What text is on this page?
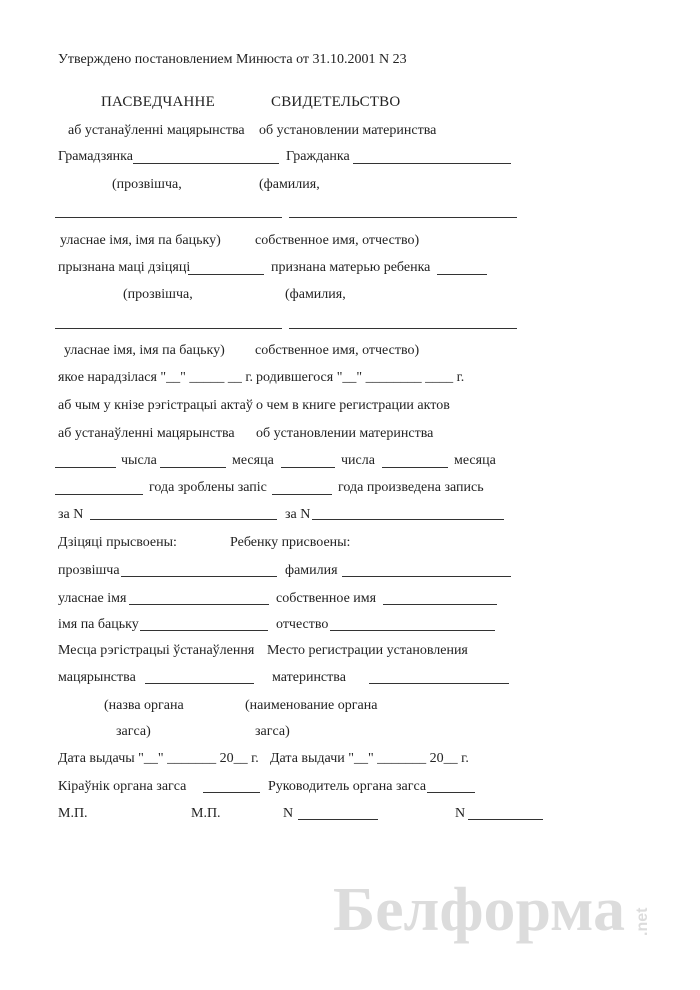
Утверждено постановлением Минюста от 31.10.2001 N 23
ПАСВЕДЧАННЕ	СВИДЕТЕЛЬСТВО
аб устанаўленні мацярынства об установлении материнства
Грамадзянка	Гражданка
(прозвішча,	(фамилия,
уласнае імя, імя па бацьку) собственное имя, отчество)
прызнана маці дзіцяці	признана матерью ребенка
(прозвішча,	(фамилия,
уласнае імя, імя па бацьку) собственное имя, отчество)
якое нарадзілася "__" _____ __ г. родившегося "__" ________ ____ г.
аб чым у кнізе рэгістрацыі актаў о чем в книге регистрации актов
аб устанаўленні мацярынства об установлении материнства
чысла	месяца	числа	месяца
года зроблены запіс	года произведена запись
за N	за N
Дзіцяці прысвоены:	Ребенку присвоены:
прозвішча	фамилия
уласнае імя	собственное имя
імя па бацьку	отчество
Месца рэгістрацыі ўстанаўлення Место регистрации установления
мацярынства	материнства
(назва органа	(наименование органа
загса)	загса)
Дата выдачы "__" _______ 20__ г. Дата выдачи "__" _______ 20__ г.
Кіраўнік органа загса	Руководитель органа загса
М.П.	М.П.	N	N
Белформа .net
